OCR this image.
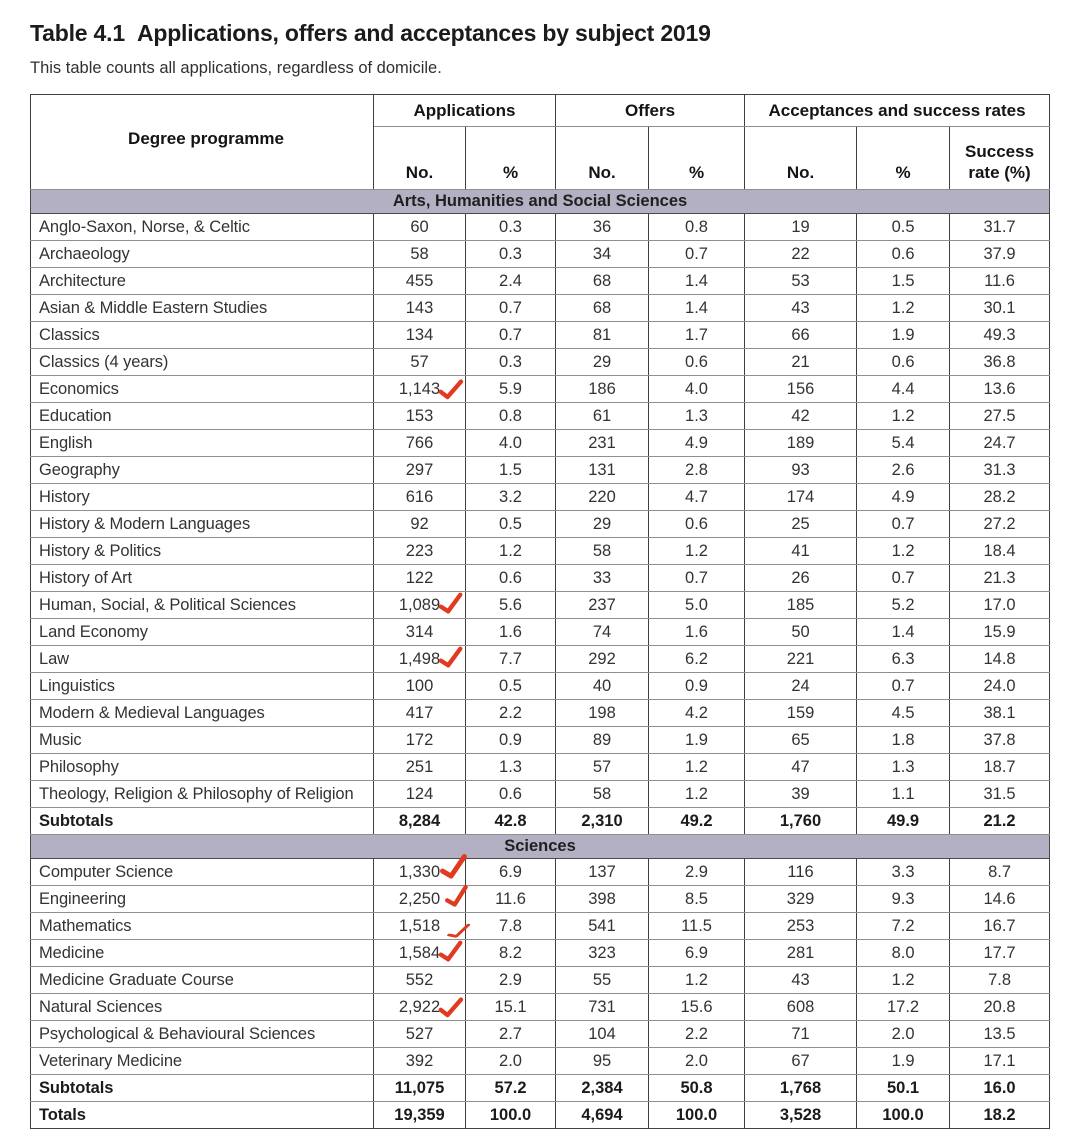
Table 4.1 Applications, offers and acceptances by subject 2019

This table counts all applications, regardless of domicile.

Degree programme	Applications		Offers		Acceptances and success rates		
	No.	%	No.	%	No.	%	Success
rate (%)

Arts, Humanities and Social Sciences							
Anglo-Saxon, Norse, & Celtic	60	0.3	36	0.8	19	0.5	31.7
Archaeology	58	0.3	34	0.7	22	0.6	37.9
Architecture	455	2.4	68	1.4	53	1.5	11.6
Asian & Middle Eastern Studies	143	0.7	68	1.4	43	1.2	30.1
Classics	134	0.7	81	1.7	66	1.9	49.3
Classics (4 years)	57	0.3	29	0.6	21	0.6	36.8
Economics	1,143	5.9	186	4.0	156	4.4	13.6
Education	153	0.8	61	1.3	42	1.2	27.5
English	766	4.0	231	4.9	189	5.4	24.7
Geography	297	1.5	131	2.8	93	2.6	31.3
History	616	3.2	220	4.7	174	4.9	28.2
History & Modern Languages	92	0.5	29	0.6	25	0.7	27.2
History & Politics	223	1.2	58	1.2	41	1.2	18.4
History of Art	122	0.6	33	0.7	26	0.7	21.3
Human, Social, & Political Sciences	1,089	5.6	237	5.0	185	5.2	17.0
Land Economy	314	1.6	74	1.6	50	1.4	15.9
Law	1,498	7.7	292	6.2	221	6.3	14.8
Linguistics	100	0.5	40	0.9	24	0.7	24.0
Modern & Medieval Languages	417	2.2	198	4.2	159	4.5	38.1
Music	172	0.9	89	1.9	65	1.8	37.8
Philosophy	251	1.3	57	1.2	47	1.3	18.7
Theology, Religion & Philosophy of Religion	124	0.6	58	1.2	39	1.1	31.5
Subtotals	8,284	42.8	2,310	49.2	1,760	49.9	21.2
Sciences							
Computer Science	1,330	6.9	137	2.9	116	3.3	8.7
Engineering	2,250	11.6	398	8.5	329	9.3	14.6
Mathematics	1,518	7.8	541	11.5	253	7.2	16.7
Medicine	1,584	8.2	323	6.9	281	8.0	17.7
Medicine Graduate Course	552	2.9	55	1.2	43	1.2	7.8
Natural Sciences	2,922	15.1	731	15.6	608	17.2	20.8
Psychological & Behavioural Sciences	527	2.7	104	2.2	71	2.0	13.5
Veterinary Medicine	392	2.0	95	2.0	67	1.9	17.1
Subtotals	11,075	57.2	2,384	50.8	1,768	50.1	16.0
Totals	19,359	100.0	4,694	100.0	3,528	100.0	18.2
